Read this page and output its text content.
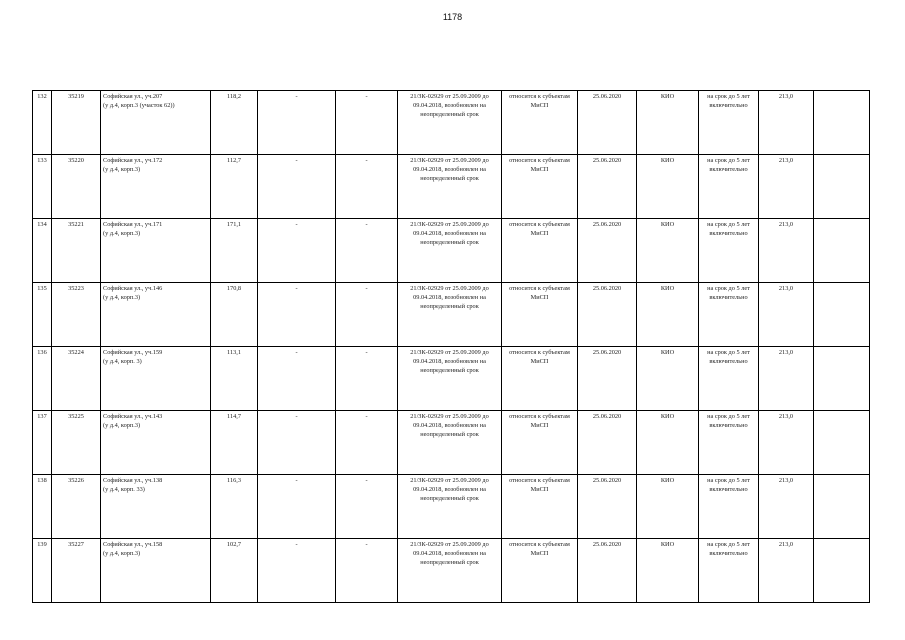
1178
132	35219	Софийская ул., уч.207
(у д.4, корп.3 (участок 62))	118,2	-	-	21/ЗК-02929 от 25.09.2009 до 09.04.2018, возобновлен на неопределенный срок	относится к субъектам МиСП	25.06.2020	КИО	на срок до 5 лет включительно	213,0	
133	35220	Софийская ул., уч.172
(у д.4, корп.3)	112,7	-	-	21/ЗК-02929 от 25.09.2009 до 09.04.2018, возобновлен на неопределенный срок	относится к субъектам МиСП	25.06.2020	КИО	на срок до 5 лет включительно	213,0	
134	35221	Софийская ул., уч.171
(у д.4, корп.3)	171,1	-	-	21/ЗК-02929 от 25.09.2009 до 09.04.2018, возобновлен на неопределенный срок	относится к субъектам МиСП	25.06.2020	КИО	на срок до 5 лет включительно	213,0	
135	35223	Софийская ул., уч.146
(у д.4, корп.3)	170,8	-	-	21/ЗК-02929 от 25.09.2009 до 09.04.2018, возобновлен на неопределенный срок	относится к субъектам МиСП	25.06.2020	КИО	на срок до 5 лет включительно	213,0	
136	35224	Софийская ул., уч.159
(у д.4, корп. 3)	113,1	-	-	21/ЗК-02929 от 25.09.2009 до 09.04.2018, возобновлен на неопределенный срок	относится к субъектам МиСП	25.06.2020	КИО	на срок до 5 лет включительно	213,0	
137	35225	Софийская ул., уч.143
(у д.4, корп.3)	114,7	-	-	21/ЗК-02929 от 25.09.2009 до 09.04.2018, возобновлен на неопределенный срок	относится к субъектам МиСП	25.06.2020	КИО	на срок до 5 лет включительно	213,0	
138	35226	Софийская ул., уч.138
(у д.4, корп. 33)	116,3	-	-	21/ЗК-02929 от 25.09.2009 до 09.04.2018, возобновлен на неопределенный срок	относится к субъектам МиСП	25.06.2020	КИО	на срок до 5 лет включительно	213,0	
139	35227	Софийская ул., уч.158
(у д.4, корп.3)	102,7	-	-	21/ЗК-02929 от 25.09.2009 до 09.04.2018, возобновлен на неопределенный срок	относится к субъектам МиСП	25.06.2020	КИО	на срок до 5 лет включительно	213,0	
